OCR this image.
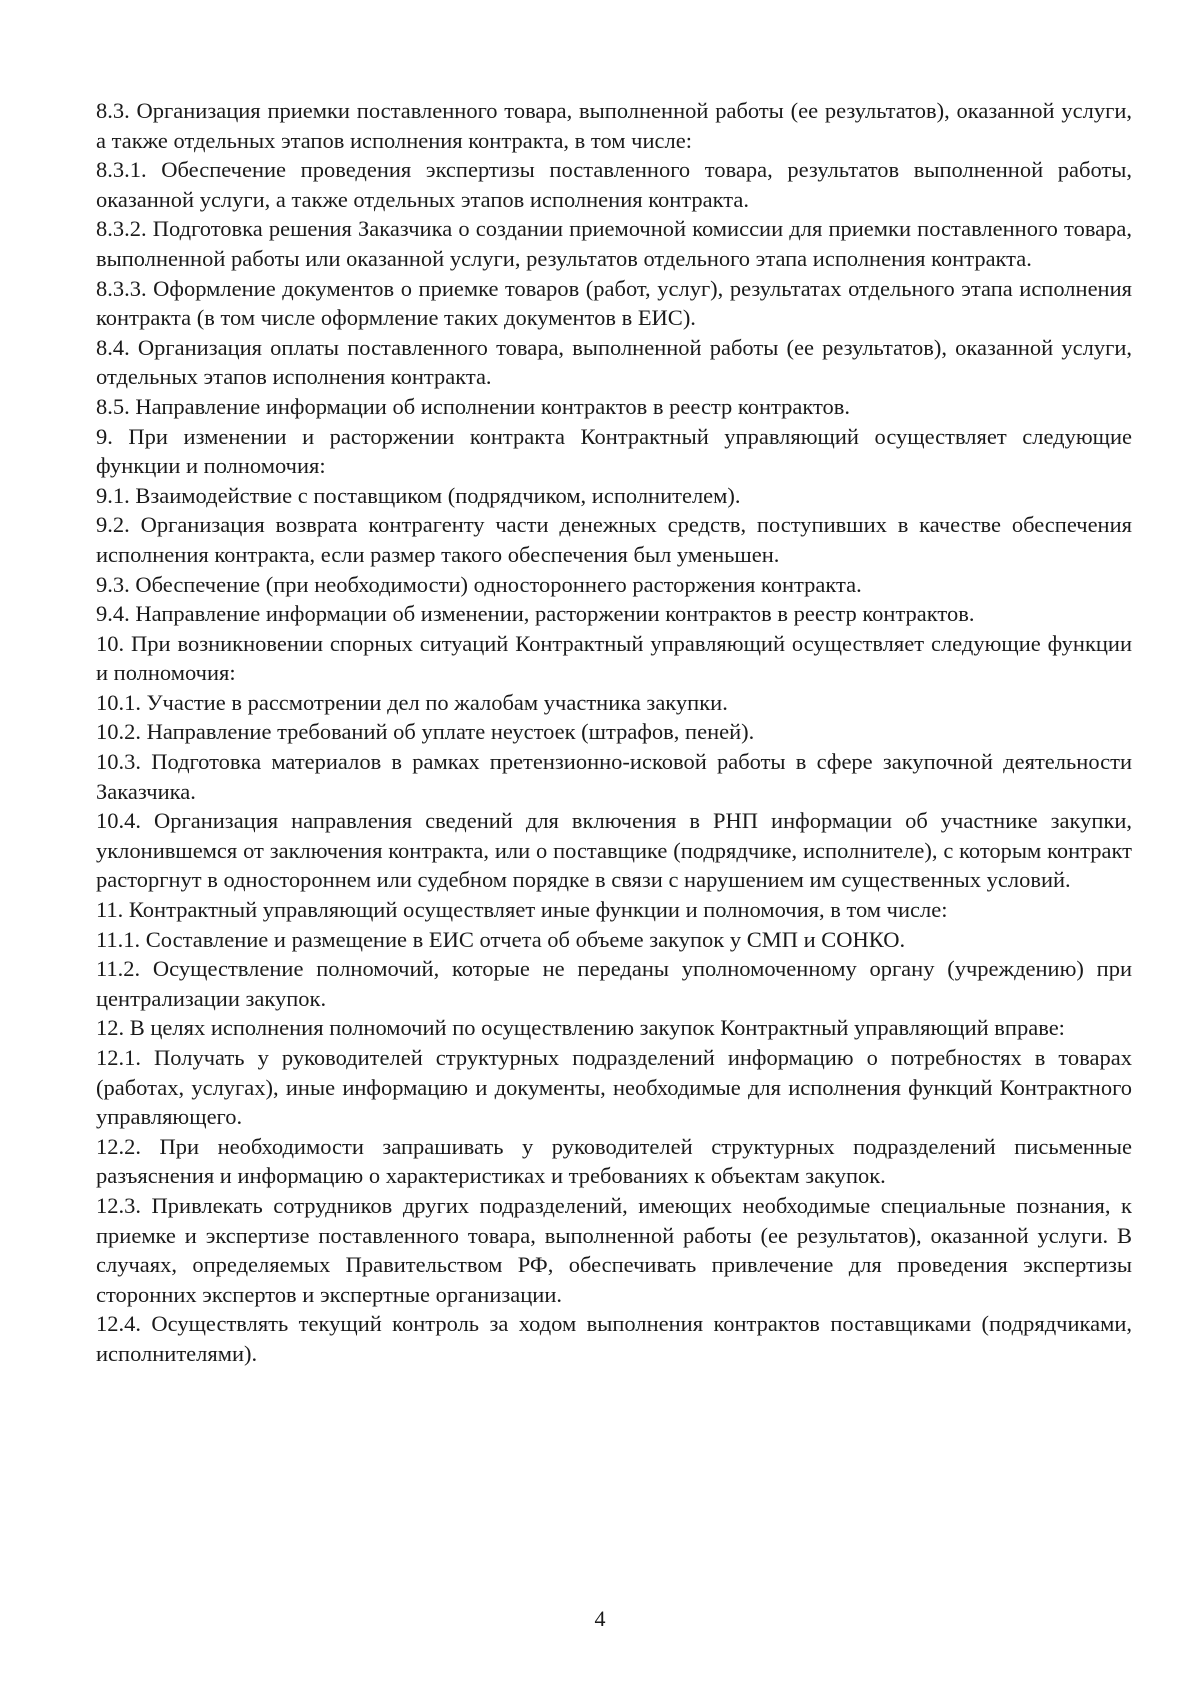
8.3. Организация приемки поставленного товара, выполненной работы (ее результатов), оказанной услуги, а также отдельных этапов исполнения контракта, в том числе:

8.3.1. Обеспечение проведения экспертизы поставленного товара, результатов выполненной работы, оказанной услуги, а также отдельных этапов исполнения контракта.

8.3.2. Подготовка решения Заказчика о создании приемочной комиссии для приемки поставленного товара, выполненной работы или оказанной услуги, результатов отдельного этапа исполнения контракта.

8.3.3. Оформление документов о приемке товаров (работ, услуг), результатах отдельного этапа исполнения контракта (в том числе оформление таких документов в ЕИС).

8.4. Организация оплаты поставленного товара, выполненной работы (ее результатов), оказанной услуги, отдельных этапов исполнения контракта.

8.5. Направление информации об исполнении контрактов в реестр контрактов.

9. При изменении и расторжении контракта Контрактный управляющий осуществляет следующие функции и полномочия:

9.1. Взаимодействие с поставщиком (подрядчиком, исполнителем).

9.2. Организация возврата контрагенту части денежных средств, поступивших в качестве обеспечения исполнения контракта, если размер такого обеспечения был уменьшен.

9.3. Обеспечение (при необходимости) одностороннего расторжения контракта.

9.4. Направление информации об изменении, расторжении контрактов в реестр контрактов.

10. При возникновении спорных ситуаций Контрактный управляющий осуществляет следующие функции и полномочия:

10.1. Участие в рассмотрении дел по жалобам участника закупки.

10.2. Направление требований об уплате неустоек (штрафов, пеней).

10.3. Подготовка материалов в рамках претензионно-исковой работы в сфере закупочной деятельности Заказчика.

10.4. Организация направления сведений для включения в РНП информации об участнике закупки, уклонившемся от заключения контракта, или о поставщике (подрядчике, исполнителе), с которым контракт расторгнут в одностороннем или судебном порядке в связи с нарушением им существенных условий.

11. Контрактный управляющий осуществляет иные функции и полномочия, в том числе:

11.1. Составление и размещение в ЕИС отчета об объеме закупок у СМП и СОНКО.

11.2. Осуществление полномочий, которые не переданы уполномоченному органу (учреждению) при централизации закупок.

12. В целях исполнения полномочий по осуществлению закупок Контрактный управляющий вправе:

12.1. Получать у руководителей структурных подразделений информацию о потребностях в товарах (работах, услугах), иные информацию и документы, необходимые для исполнения функций Контрактного управляющего.

12.2. При необходимости запрашивать у руководителей структурных подразделений письменные разъяснения и информацию о характеристиках и требованиях к объектам закупок.

12.3. Привлекать сотрудников других подразделений, имеющих необходимые специальные познания, к приемке и экспертизе поставленного товара, выполненной работы (ее результатов), оказанной услуги. В случаях, определяемых Правительством РФ, обеспечивать привлечение для проведения экспертизы сторонних экспертов и экспертные организации.

12.4. Осуществлять текущий контроль за ходом выполнения контрактов поставщиками (подрядчиками, исполнителями).

4
